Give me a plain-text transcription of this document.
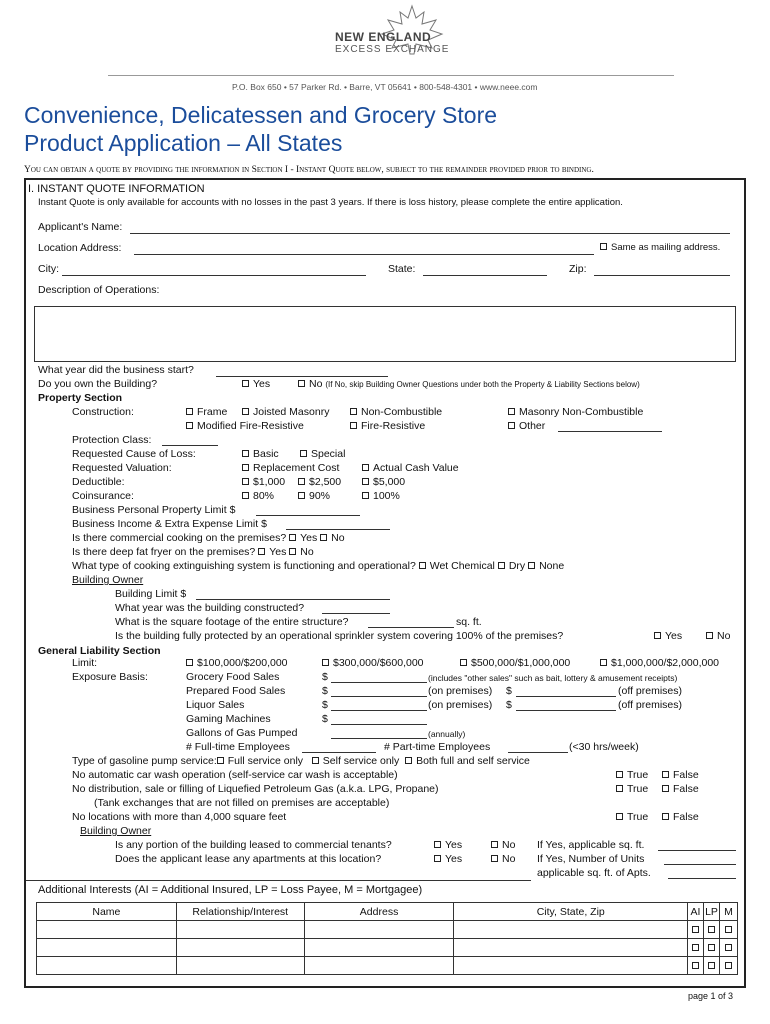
NEW ENGLAND
EXCESS EXCHANGE
P.O. Box 650 • 57 Parker Rd. • Barre, VT 05641 • 800-548-4301 • www.neee.com
Convenience, Delicatessen and Grocery Store
Product Application – All States
You can obtain a quote by providing the information in Section I - Instant Quote below, subject to the remainder provided prior to binding.
I. INSTANT QUOTE INFORMATION
Instant Quote is only available for accounts with no losses in the past 3 years. If there is loss history, please complete the entire application.
Applicant's Name:
Location Address:	Same as mailing address.
City:	State:	Zip:
Description of Operations:
What year did the business start?
Do you own the Building?	Yes	No (If No, skip Building Owner Questions under both the Property & Liability Sections below)
Property Section
Construction:	Frame	Joisted Masonry	Non-Combustible	Masonry Non-Combustible
Modified Fire-Resistive	Fire-Resistive	Other
Protection Class:
Requested Cause of Loss:	Basic	Special
Requested Valuation:	Replacement Cost	Actual Cash Value
Deductible:	$1,000	$2,500	$5,000
Coinsurance:	80%	90%	100%
Business Personal Property Limit $
Business Income & Extra Expense Limit $
Is there commercial cooking on the premises? Yes No
Is there deep fat fryer on the premises? Yes No
What type of cooking extinguishing system is functioning and operational? Wet Chemical Dry None
Building Owner
Building Limit $
What year was the building constructed?
What is the square footage of the entire structure?	sq. ft.
Is the building fully protected by an operational sprinkler system covering 100% of the premises?	Yes	No
General Liability Section
Limit:	$100,000/$200,000	$300,000/$600,000	$500,000/$1,000,000	$1,000,000/$2,000,000
Exposure Basis:	Grocery Food Sales	$	(includes "other sales" such as bait, lottery & amusement receipts)
Prepared Food Sales	$	(on premises) $	(off premises)
Liquor Sales	$	(on premises) $	(off premises)
Gaming Machines	$
Gallons of Gas Pumped	(annually)
# Full-time Employees	# Part-time Employees	(<30 hrs/week)
Type of gasoline pump service: Full service only Self service only Both full and self service
No automatic car wash operation (self-service car wash is acceptable)	True	False
No distribution, sale or filling of Liquefied Petroleum Gas (a.k.a. LPG, Propane)	True	False
(Tank exchanges that are not filled on premises are acceptable)
No locations with more than 4,000 square feet	True	False
Building Owner
Is any portion of the building leased to commercial tenants?	Yes	No If Yes, applicable sq. ft.
Does the applicant lease any apartments at this location?	Yes	No If Yes, Number of Units
applicable sq. ft. of Apts.
Additional Interests (AI = Additional Insured, LP = Loss Payee, M = Mortgagee)
Name	Relationship/Interest	Address	City, State, Zip	AI	LP	M

page 1 of 3
